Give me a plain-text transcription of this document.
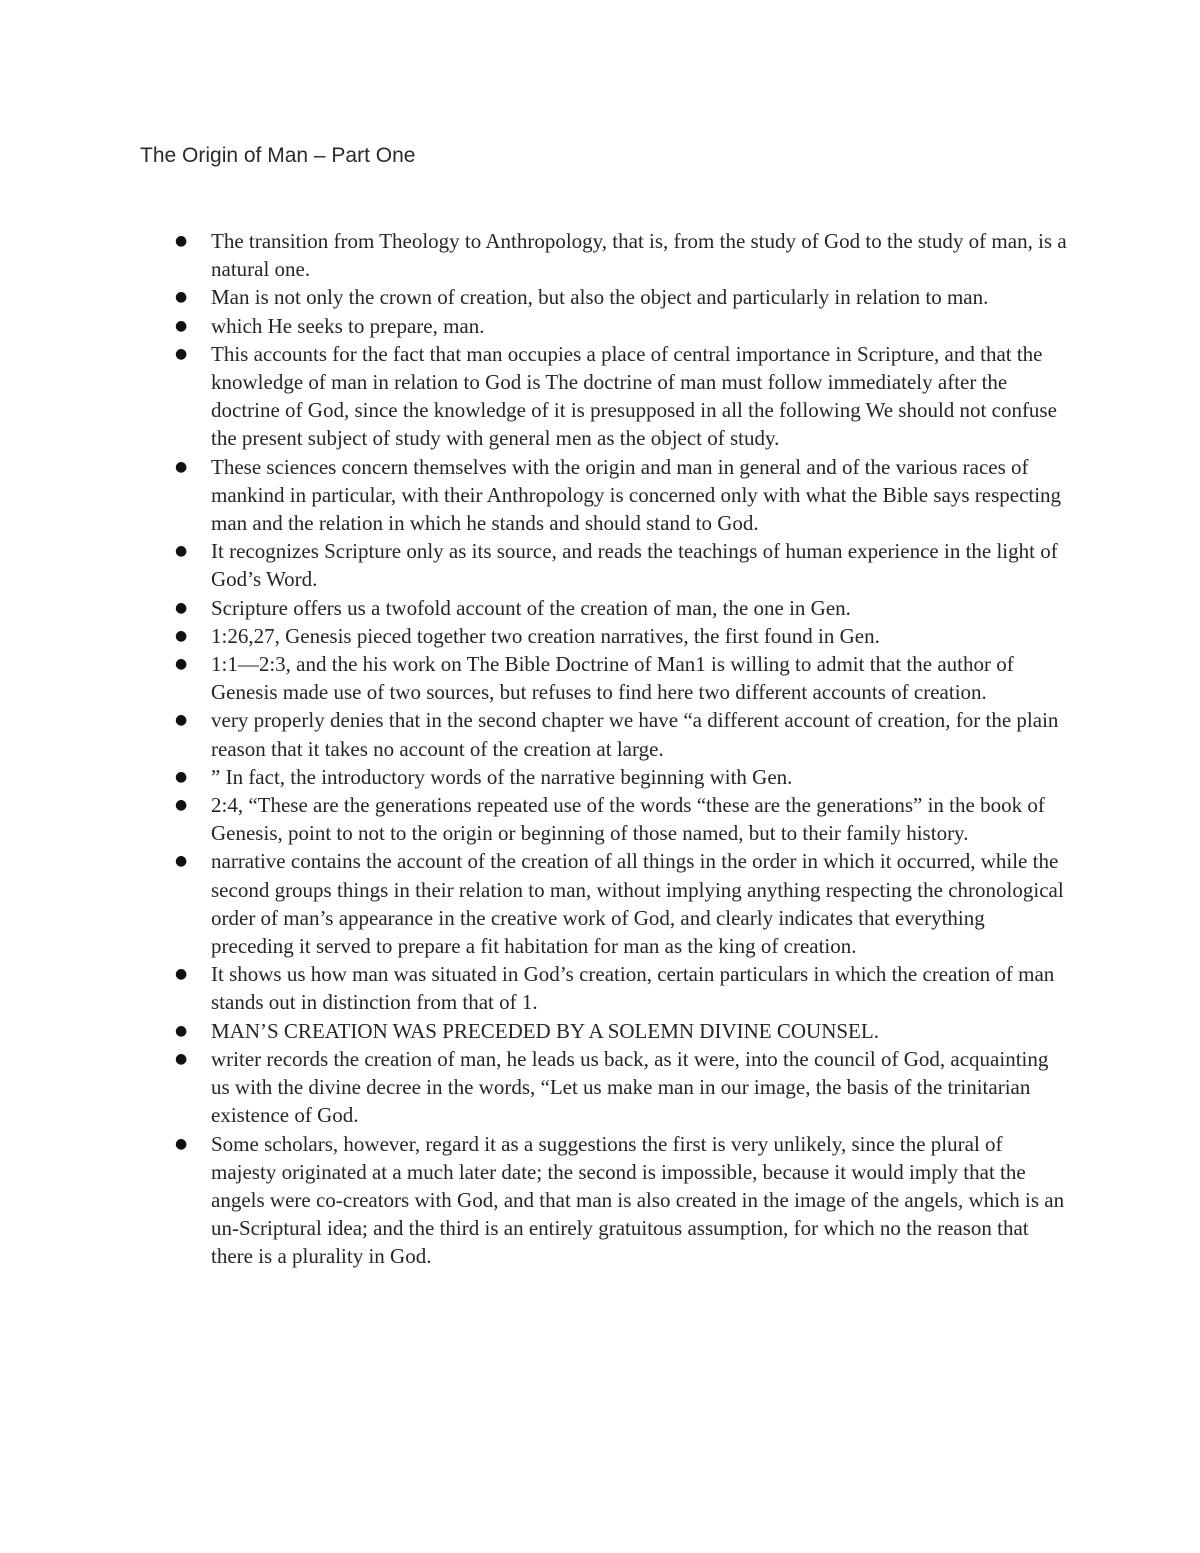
The Origin of Man – Part One
● The transition from Theology to Anthropology, that is, from the study of God to the study of man, is a natural one.
● Man is not only the crown of creation, but also the object and particularly in relation to man.
● which He seeks to prepare, man.
● This accounts for the fact that man occupies a place of central importance in Scripture, and that the knowledge of man in relation to God is The doctrine of man must follow immediately after the doctrine of God, since the knowledge of it is presupposed in all the following We should not confuse the present subject of study with general men as the object of study.
● These sciences concern themselves with the origin and man in general and of the various races of mankind in particular, with their Anthropology is concerned only with what the Bible says respecting man and the relation in which he stands and should stand to God.
● It recognizes Scripture only as its source, and reads the teachings of human experience in the light of God’s Word.
● Scripture offers us a twofold account of the creation of man, the one in Gen.
● 1:26,27, Genesis pieced together two creation narratives, the first found in Gen.
● 1:1—2:3, and the his work on The Bible Doctrine of Man1 is willing to admit that the author of Genesis made use of two sources, but refuses to find here two different accounts of creation.
● very properly denies that in the second chapter we have “a different account of creation, for the plain reason that it takes no account of the creation at large.
● ” In fact, the introductory words of the narrative beginning with Gen.
● 2:4, “These are the generations repeated use of the words “these are the generations” in the book of Genesis, point to not to the origin or beginning of those named, but to their family history.
● narrative contains the account of the creation of all things in the order in which it occurred, while the second groups things in their relation to man, without implying anything respecting the chronological order of man’s appearance in the creative work of God, and clearly indicates that everything preceding it served to prepare a fit habitation for man as the king of creation.
● It shows us how man was situated in God’s creation, certain particulars in which the creation of man stands out in distinction from that of 1.
● MAN’S CREATION WAS PRECEDED BY A SOLEMN DIVINE COUNSEL.
● writer records the creation of man, he leads us back, as it were, into the council of God, acquainting us with the divine decree in the words, “Let us make man in our image, the basis of the trinitarian existence of God.
● Some scholars, however, regard it as a suggestions the first is very unlikely, since the plural of majesty originated at a much later date; the second is impossible, because it would imply that the angels were co-creators with God, and that man is also created in the image of the angels, which is an un-Scriptural idea; and the third is an entirely gratuitous assumption, for which no the reason that there is a plurality in God.
